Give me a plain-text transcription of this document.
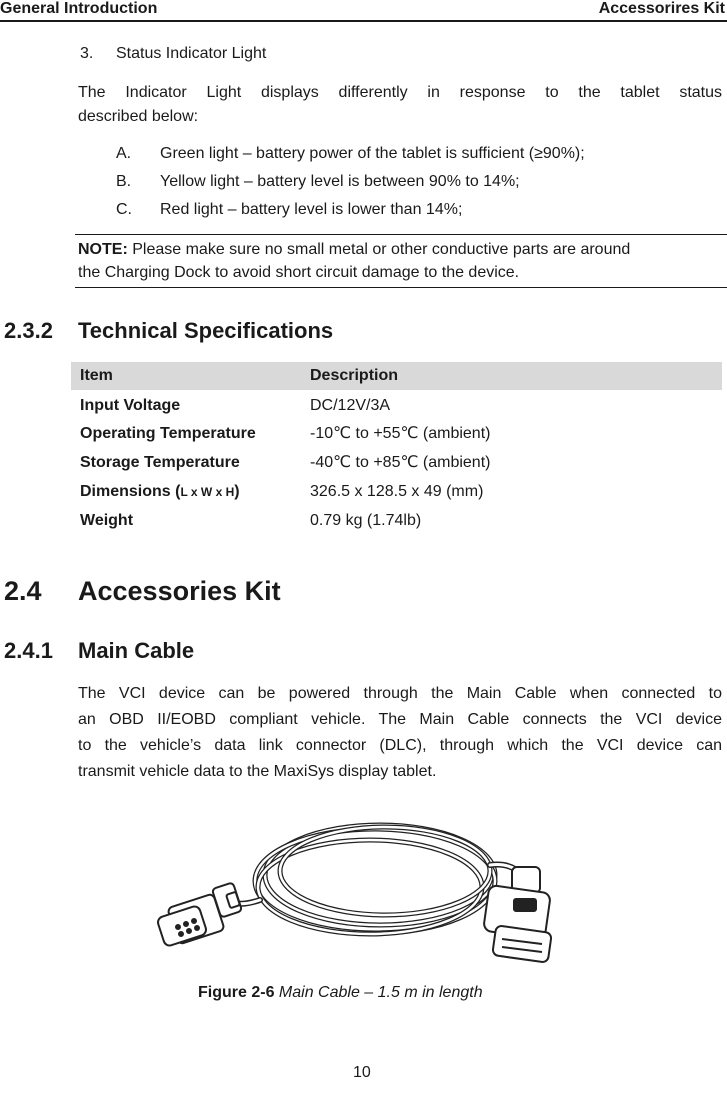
General Introduction	Accessorires Kit
3. Status Indicator Light
The Indicator Light displays differently in response to the tablet status
described below:
A. Green light – battery power of the tablet is sufficient (≥90%);
B. Yellow light – battery level is between 90% to 14%;
C. Red light – battery level is lower than 14%;
NOTE: Please make sure no small metal or other conductive parts are around
the Charging Dock to avoid short circuit damage to the device.
2.3.2 Technical Specifications
Item	Description
Input Voltage	DC/12V/3A
Operating Temperature	-10℃ to +55℃ (ambient)
Storage Temperature	-40℃ to +85℃ (ambient)
Dimensions (L x W x H)	326.5 x 128.5 x 49 (mm)
Weight	0.79 kg (1.74lb)
2.4 Accessories Kit
2.4.1 Main Cable
The VCI device can be powered through the Main Cable when connected to
an OBD II/EOBD compliant vehicle. The Main Cable connects the VCI device
to the vehicle’s data link connector (DLC), through which the VCI device can
transmit vehicle data to the MaxiSys display tablet.
Figure 2-6 Main Cable – 1.5 m in length
10
